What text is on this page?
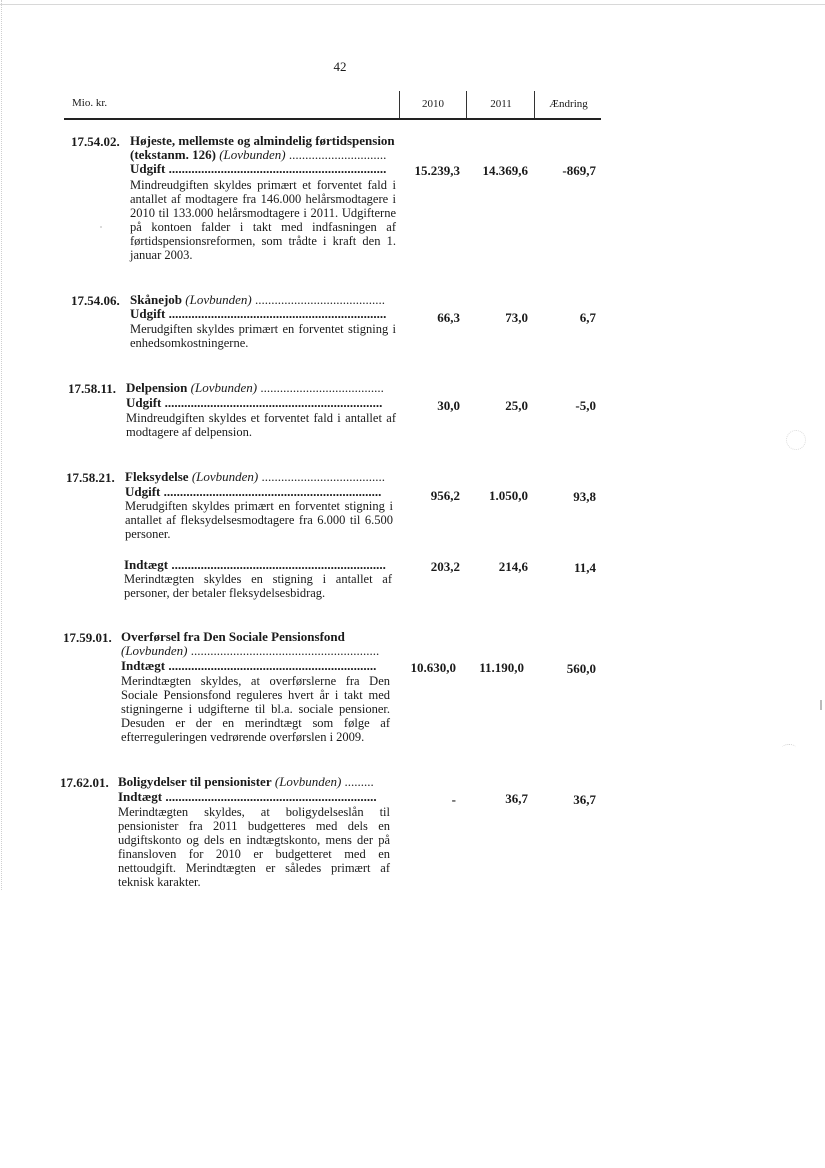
42
Mio. kr.	2010	2011	Ændring
17.54.02. Højeste, mellemste og almindelig førtidspension (tekstanm. 126) (Lovbunden) ..............................
Udgift ...................................................................	15.239,3	14.369,6	-869,7
Mindreudgiften skyldes primært et forventet fald i antallet af modtagere fra 146.000 helårsmodtagere i 2010 til 133.000 helårsmodtagere i 2011. Udgifterne på kontoen falder i takt med indfasningen af førtidspensionsreformen, som trådte i kraft den 1. januar 2003.
17.54.06. Skånejob (Lovbunden) ........................................
Udgift ...................................................................	66,3	73,0	6,7
Merudgiften skyldes primært en forventet stigning i enhedsomkostningerne.
17.58.11. Delpension (Lovbunden) ......................................
Udgift ...................................................................	30,0	25,0	-5,0
Mindreudgiften skyldes et forventet fald i antallet af modtagere af delpension.
17.58.21. Fleksydelse (Lovbunden) ......................................
Udgift ...................................................................	956,2	1.050,0	93,8
Merudgiften skyldes primært en forventet stigning i antallet af fleksydelsesmodtagere fra 6.000 til 6.500 personer.
Indtægt ..................................................................	203,2	214,6	11,4
Merindtægten skyldes en stigning i antallet af personer, der betaler fleksydelsesbidrag.
17.59.01. Overførsel fra Den Sociale Pensionsfond
(Lovbunden) ..........................................................
Indtægt ................................................................	10.630,0	11.190,0	560,0
Merindtægten skyldes, at overførslerne fra Den Sociale Pensionsfond reguleres hvert år i takt med stigningerne i udgifterne til bl.a. sociale pensioner. Desuden er der en merindtægt som følge af efterreguleringen vedrørende overførslen i 2009.
17.62.01. Boligydelser til pensionister (Lovbunden) .........
Indtægt .................................................................	-	36,7	36,7
Merindtægten skyldes, at boligydelseslån til pensionister fra 2011 budgetteres med dels en udgiftskonto og dels en indtægtskonto, mens der på finansloven for 2010 er budgetteret med en nettoudgift. Merindtægten er således primært af teknisk karakter.
